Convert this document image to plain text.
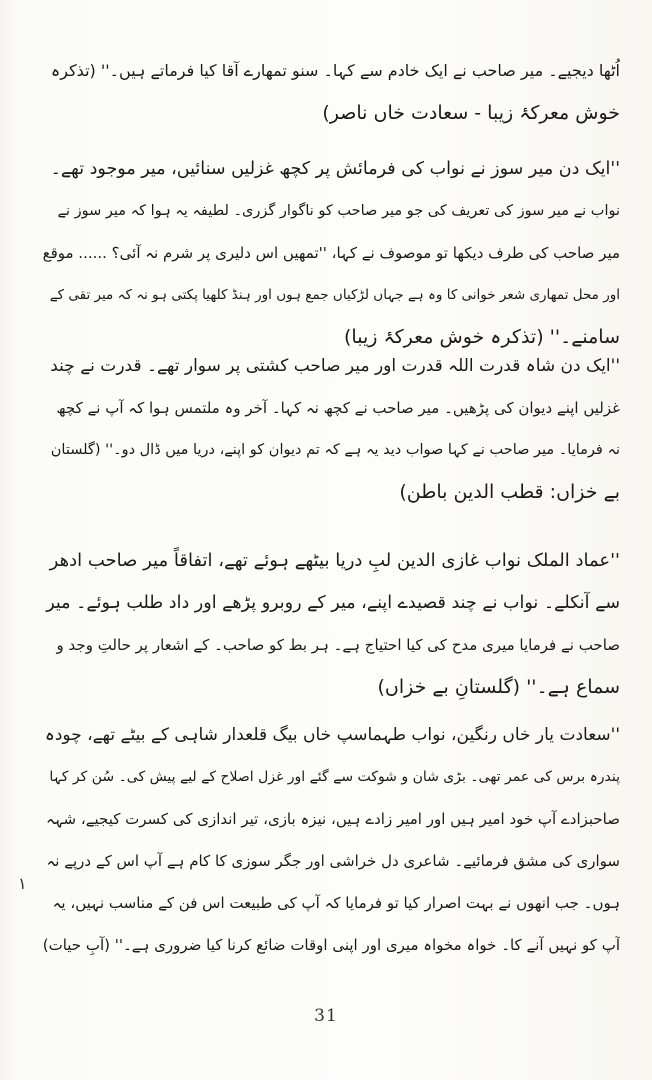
اُٹھا دیجیے۔ میر صاحب نے ایک خادم سے کہا۔ سنو تمھارے آقا کیا فرماتے ہیں۔'' (تذکرہ
خوش معرکۂ زیبا - سعادت خاں ناصر)
''ایک دن میر سوز نے نواب کی فرمائش پر کچھ غزلیں سنائیں، میر موجود تھے۔
نواب نے میر سوز کی تعریف کی جو میر صاحب کو ناگوار گزری۔ لطیفہ یہ ہوا کہ میر سوز نے
میر صاحب کی طرف دیکھا تو موصوف نے کہا، ''تمھیں اس دلیری پر شرم نہ آئی؟ ...... موقع
اور محل تمھاری شعر خوانی کا وہ ہے جہاں لڑکیاں جمع ہوں اور ہنڈ کلھیا پکتی ہو نہ کہ میر تقی کے
سامنے۔'' (تذکرہ خوش معرکۂ زیبا)
''ایک دن شاہ قدرت اللہ قدرت اور میر صاحب کشتی پر سوار تھے۔ قدرت نے چند
غزلیں اپنے دیوان کی پڑھیں۔ میر صاحب نے کچھ نہ کہا۔ آخر وہ ملتمس ہوا کہ آپ نے کچھ
نہ فرمایا۔ میر صاحب نے کہا صواب دید یہ ہے کہ تم دیوان کو اپنے، دریا میں ڈال دو۔'' (گلستان
بے خزاں: قطب الدین باطن)
''عماد الملک نواب غازی الدین لبِ دریا بیٹھے ہوئے تھے، اتفاقاً میر صاحب ادھر
سے آنکلے۔ نواب نے چند قصیدے اپنے، میر کے روبرو پڑھے اور داد طلب ہوئے۔ میر
صاحب نے فرمایا میری مدح کی کیا احتیاج ہے۔ ہر بط کو صاحب۔ کے اشعار پر حالتِ وجد و
سماع ہے۔'' (گلستانِ بے خزاں)
''سعادت یار خاں رنگین، نواب طہماسپ خاں بیگ قلعدار شاہی کے بیٹے تھے، چودہ
پندرہ برس کی عمر تھی۔ بڑی شان و شوکت سے گئے اور غزل اصلاح کے لیے پیش کی۔ سُن کر کہا
صاحبزادے آپ خود امیر ہیں اور امیر زادے ہیں، نیزہ بازی، تیر اندازی کی کسرت کیجیے، شہہ
سواری کی مشق فرمائیے۔ شاعری دل خراشی اور جگر سوزی کا کام ہے آپ اس کے درپے نہ
ہوں۔ جب انھوں نے بہت اصرار کیا تو فرمایا کہ آپ کی طبیعت اس فن کے مناسب نہیں، یہ
آپ کو نہیں آنے کا۔ خواہ مخواہ میری اور اپنی اوقات ضائع کرنا کیا ضروری ہے۔'' (آبِ حیات)
١
31
